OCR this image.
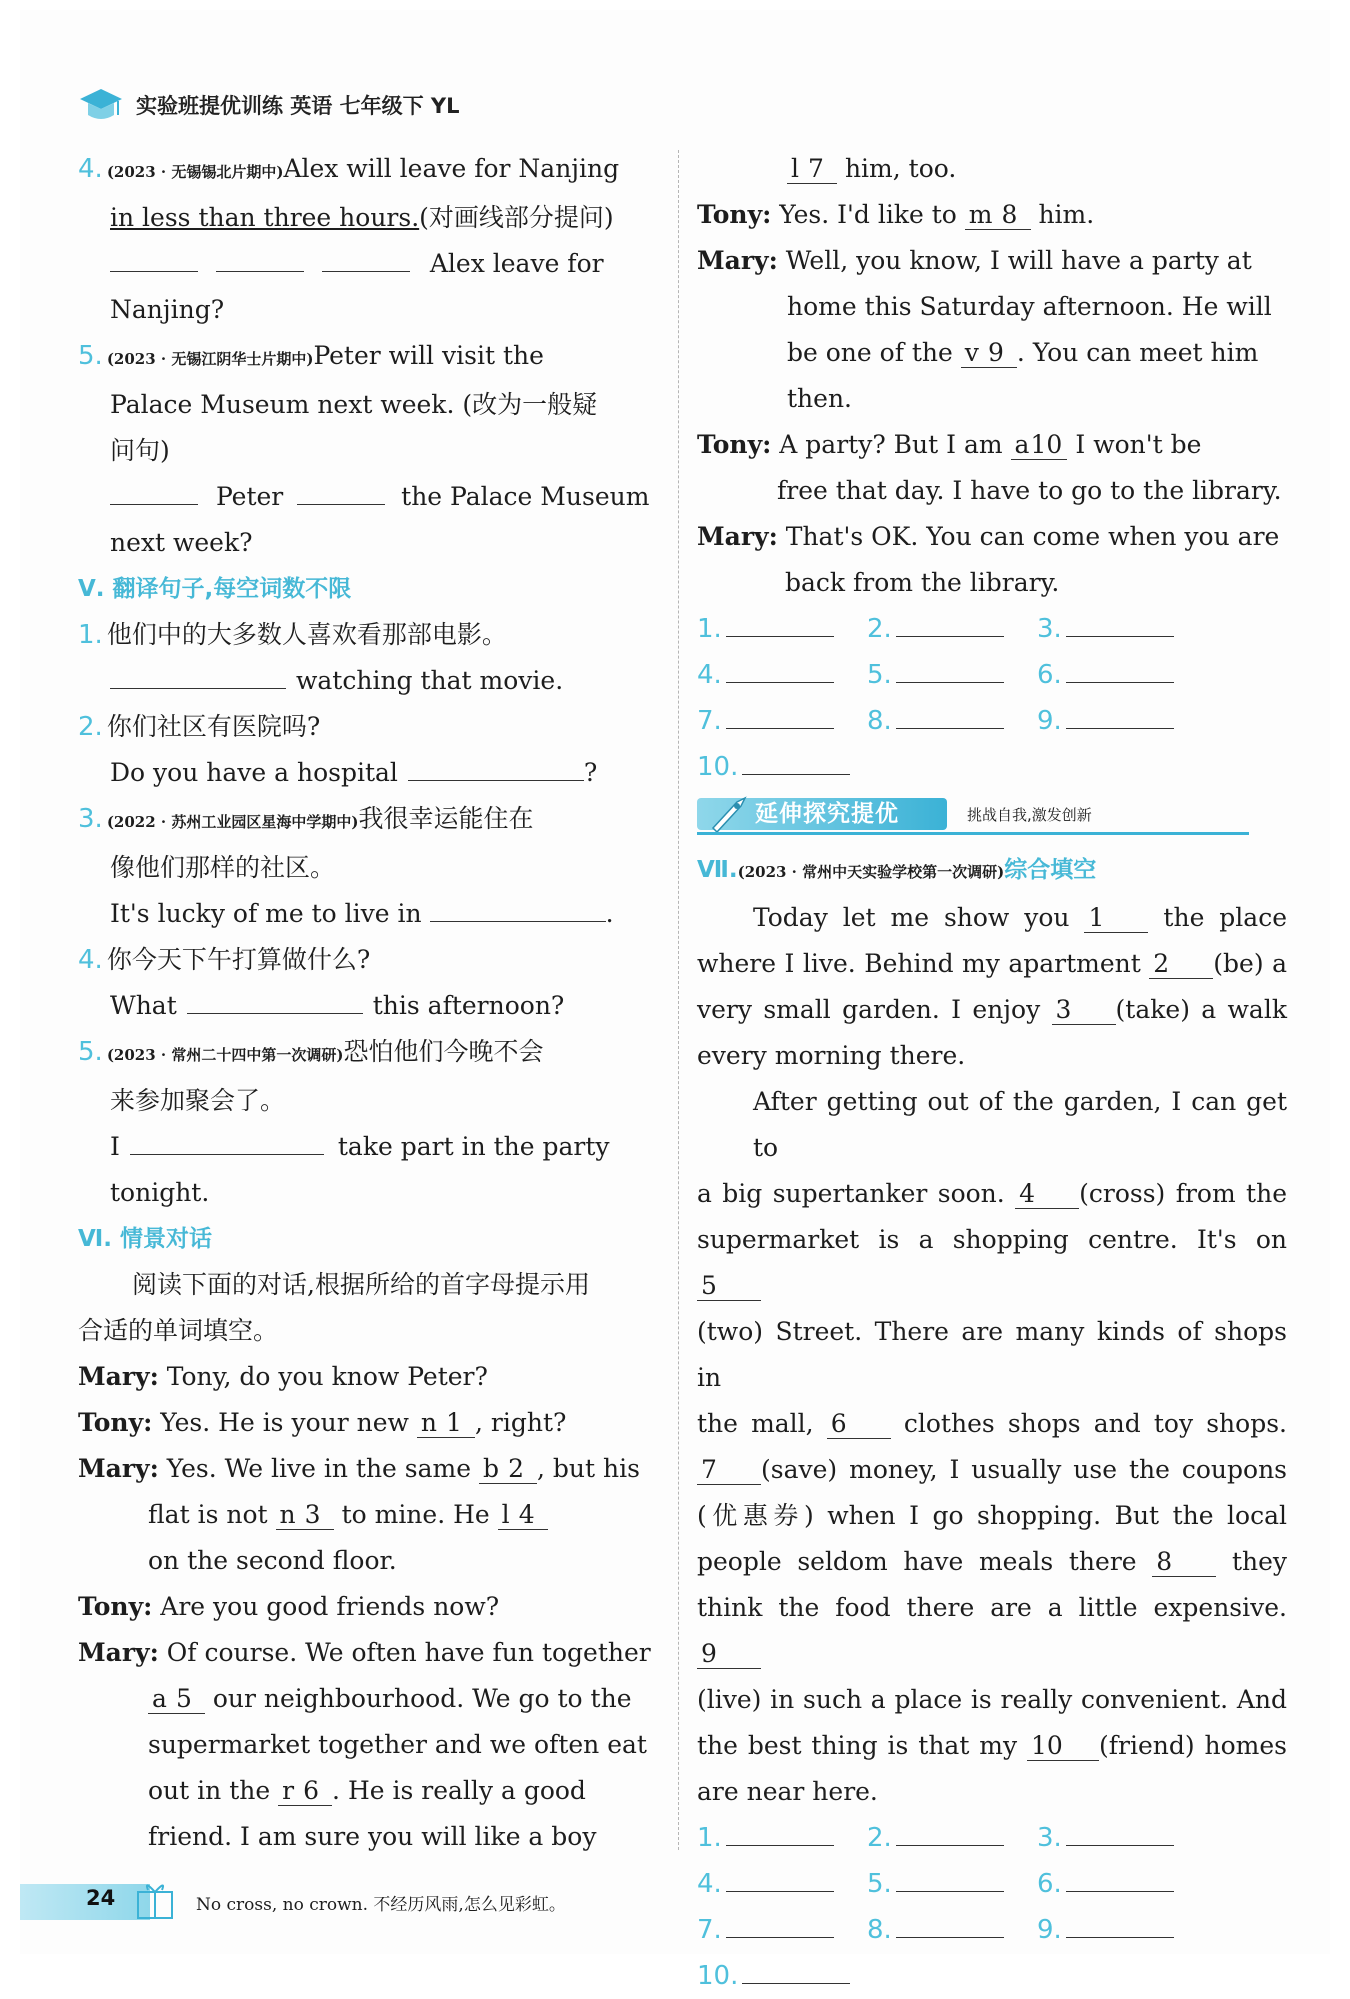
实验班提优训练 英语 七年级下 YL
4. (2023 · 无锡锡北片期中)Alex will leave for Nanjing
in less than three hours.(对画线部分提问)
Alex leave for
Nanjing?
5. (2023 · 无锡江阴华士片期中)Peter will visit the
Palace Museum next week. (改为一般疑
问句)
Peter	the Palace Museum
next week?
Ⅴ. 翻译句子,每空词数不限
1. 他们中的大多数人喜欢看那部电影。
watching that movie.
2. 你们社区有医院吗?
Do you have a hospital	?
3. (2022 · 苏州工业园区星海中学期中)我很幸运能住在
像他们那样的社区。
It's lucky of me to live in	.
4. 你今天下午打算做什么?
What	this afternoon?
5. (2023 · 常州二十四中第一次调研)恐怕他们今晚不会
来参加聚会了。
I	take part in the party
tonight.
Ⅵ. 情景对话
阅读下面的对话,根据所给的首字母提示用
合适的单词填空。
Mary: Tony, do you know Peter?
Tony: Yes. He is your new n 1 , right?
Mary: Yes. We live in the same b 2 , but his
flat is not n 3 to mine. He l 4
on the second floor.
Tony: Are you good friends now?
Mary: Of course. We often have fun together
a 5 our neighbourhood. We go to the
supermarket together and we often eat
out in the r 6 . He is really a good
friend. I am sure you will like a boy
l 7 him, too.
Tony: Yes. I'd like to m 8 him.
Mary: Well, you know, I will have a party at
home this Saturday afternoon. He will
be one of the v 9 . You can meet him
then.
Tony: A party? But I am a10 I won't be
free that day. I have to go to the library.
Mary: That's OK. You can come when you are
back from the library.
1.	2.	3.
4.	5.	6.
7.	8.	9.
10.
延伸探究提优	挑战自我,激发创新
Ⅶ.(2023 · 常州中天实验学校第一次调研)综合填空
Today let me show you 1 the place
where I live. Behind my apartment 2 (be) a
very small garden. I enjoy 3 (take) a walk
every morning there.
After getting out of the garden, I can get to
a big supertanker soon. 4 (cross) from the
supermarket is a shopping centre. It's on 5
(two) Street. There are many kinds of shops in
the mall, 6 clothes shops and toy shops.
7 (save) money, I usually use the coupons
(优惠券) when I go shopping. But the local
people seldom have meals there 8 they
think the food there are a little expensive. 9
(live) in such a place is really convenient. And
the best thing is that my 10 (friend) homes
are near here.
1.	2.	3.
4.	5.	6.
7.	8.	9.
10.
24	No cross, no crown. 不经历风雨,怎么见彩虹。
